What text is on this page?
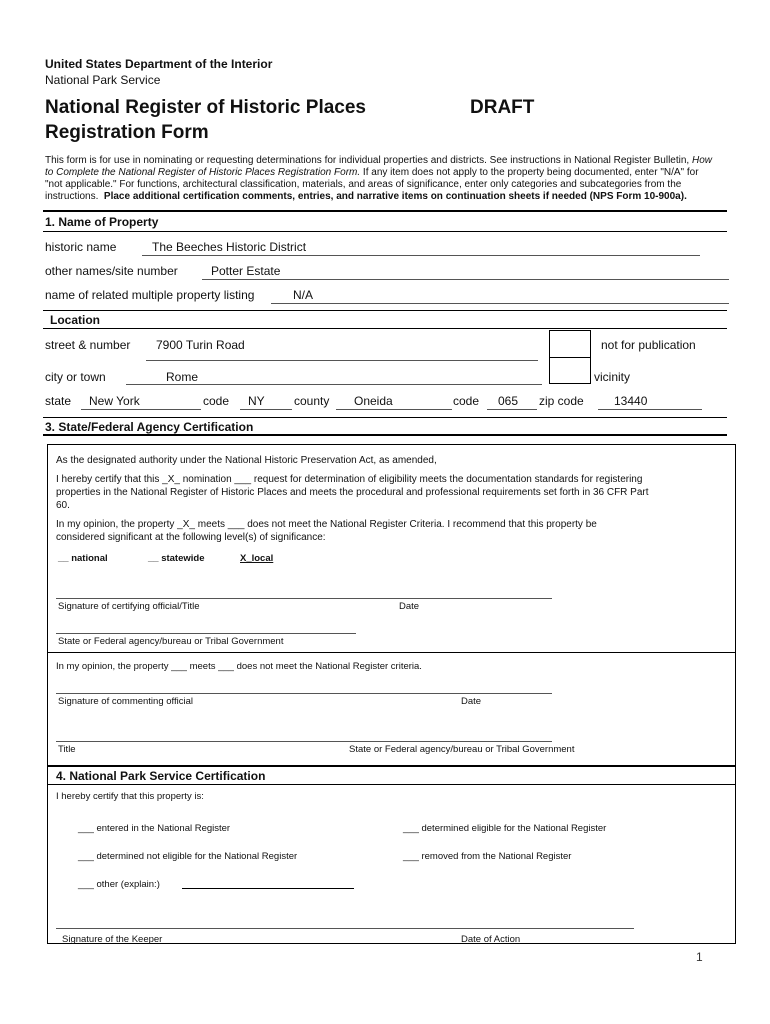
United States Department of the Interior
National Park Service
National Register of Historic Places
Registration Form
DRAFT
This form is for use in nominating or requesting determinations for individual properties and districts. See instructions in National Register Bulletin, How
to Complete the National Register of Historic Places Registration Form. If any item does not apply to the property being documented, enter "N/A" for
"not applicable." For functions, architectural classification, materials, and areas of significance, enter only categories and subcategories from the
instructions. Place additional certification comments, entries, and narrative items on continuation sheets if needed (NPS Form 10-900a).
1. Name of Property
historic name	The Beeches Historic District
other names/site number	Potter Estate
name of related multiple property listing	N/A
Location
street & number 7900 Turin Road	not for publication
city or town	Rome	vicinity
state New York	code NY county Oneida	code 065 zip code	13440
3. State/Federal Agency Certification
As the designated authority under the National Historic Preservation Act, as amended,
I hereby certify that this _X_ nomination ___ request for determination of eligibility meets the documentation standards for registering
properties in the National Register of Historic Places and meets the procedural and professional requirements set forth in 36 CFR Part
60.
In my opinion, the property _X_ meets ___ does not meet the National Register Criteria. I recommend that this property be
considered significant at the following level(s) of significance:
__ national	__ statewide	X_local
Signature of certifying official/Title	Date
State or Federal agency/bureau or Tribal Government
In my opinion, the property ___ meets ___ does not meet the National Register criteria.
Signature of commenting official	Date
Title	State or Federal agency/bureau or Tribal Government
4. National Park Service Certification
I hereby certify that this property is:
___ entered in the National Register	___ determined eligible for the National Register
___ determined not eligible for the National Register	___ removed from the National Register
___ other (explain:)
Signature of the Keeper	Date of Action
1
